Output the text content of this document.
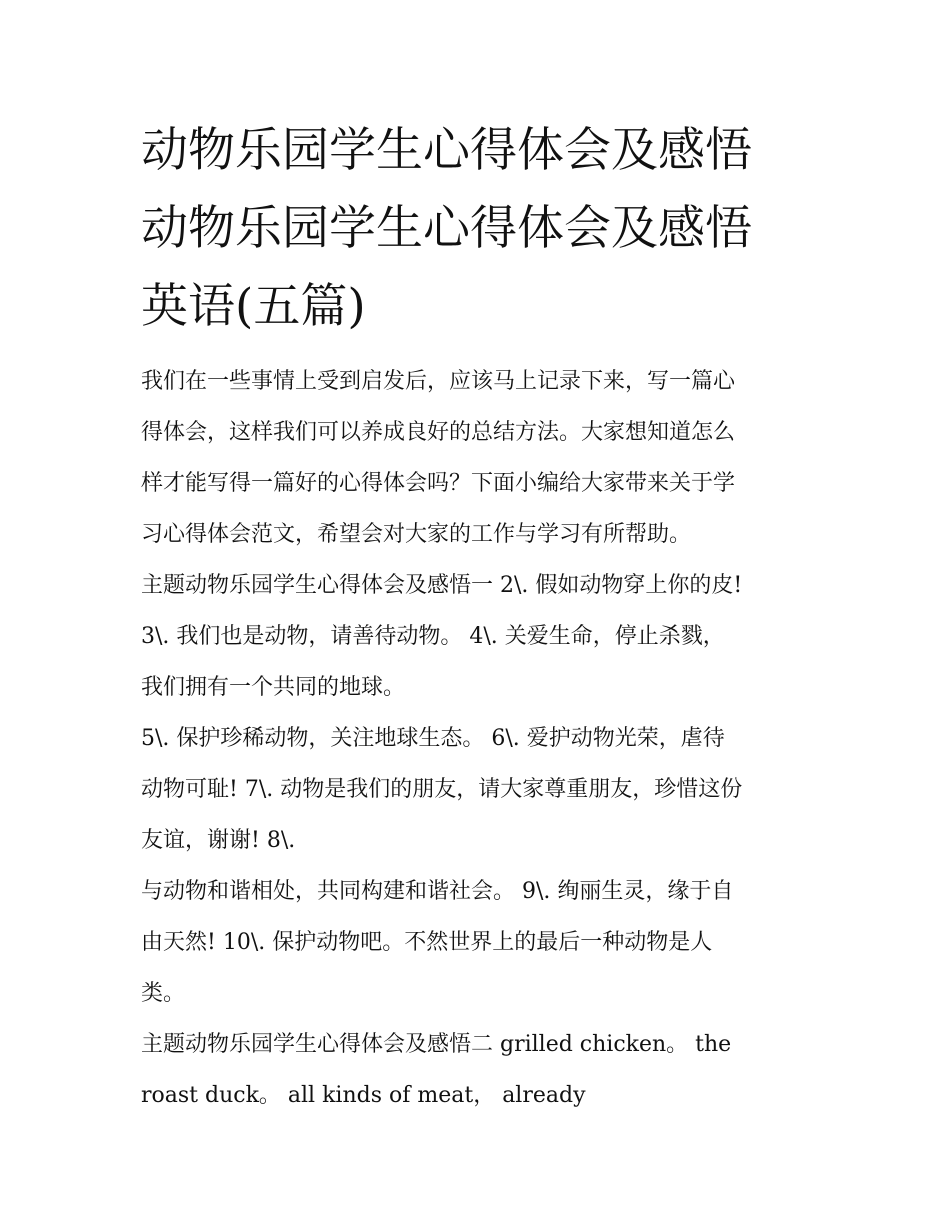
动物乐园学生心得体会及感悟
动物乐园学生心得体会及感悟
英语(五篇)

我们在一些事情上受到启发后，应该马上记录下来，写一篇心
得体会，这样我们可以养成良好的总结方法。大家想知道怎么
样才能写得一篇好的心得体会吗？下面小编给大家带来关于学
习心得体会范文，希望会对大家的工作与学习有所帮助。

主题动物乐园学生心得体会及感悟一 2\. 假如动物穿上你的皮!
3\. 我们也是动物，请善待动物。 4\. 关爱生命，停止杀戮，
我们拥有一个共同的地球。

5\. 保护珍稀动物，关注地球生态。 6\. 爱护动物光荣，虐待
动物可耻! 7\. 动物是我们的朋友，请大家尊重朋友，珍惜这份
友谊，谢谢! 8\.

与动物和谐相处，共同构建和谐社会。 9\. 绚丽生灵，缘于自
由天然! 10\. 保护动物吧。不然世界上的最后一种动物是人
类。

主题动物乐园学生心得体会及感悟二 grilled chicken。 the
roast duck。 all kinds of meat， already
